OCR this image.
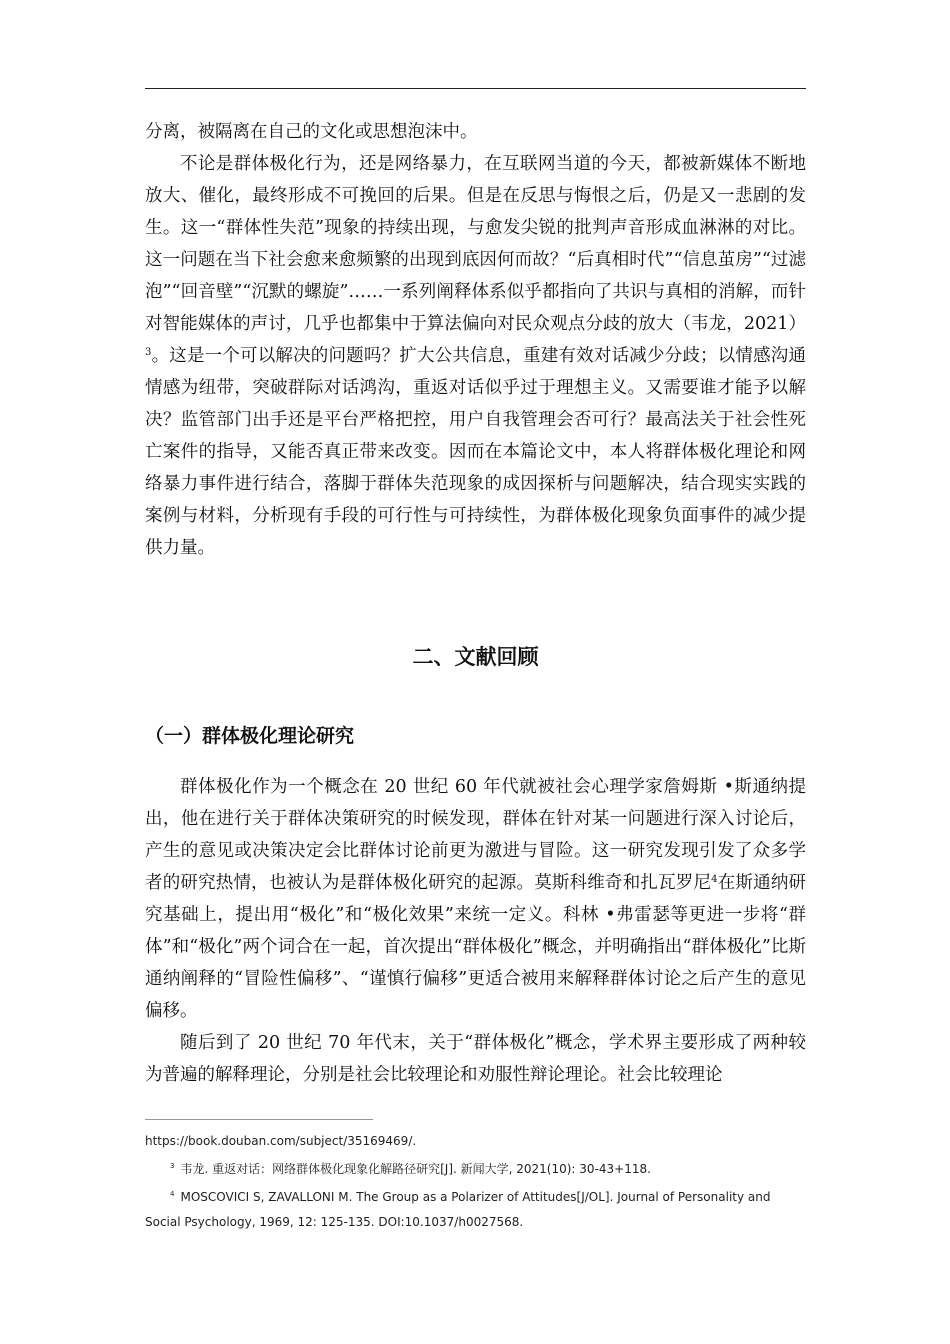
分离，被隔离在自己的文化或思想泡沫中。

不论是群体极化行为，还是网络暴力，在互联网当道的今天，都被新媒体不断地放大、催化，最终形成不可挽回的后果。但是在反思与悔恨之后，仍是又一悲剧的发生。这一“群体性失范”现象的持续出现，与愈发尖锐的批判声音形成血淋淋的对比。这一问题在当下社会愈来愈频繁的出现到底因何而故？“后真相时代”“信息茧房”“过滤泡”“回音壁”“沉默的螺旋”……一系列阐释体系似乎都指向了共识与真相的消解，而针对智能媒体的声讨，几乎也都集中于算法偏向对民众观点分歧的放大（韦龙，2021）$^3$。这是一个可以解决的问题吗？扩大公共信息，重建有效对话减少分歧；以情感沟通情感为纽带，突破群际对话鸿沟，重返对话似乎过于理想主义。又需要谁才能予以解决？监管部门出手还是平台严格把控，用户自我管理会否可行？最高法关于社会性死亡案件的指导，又能否真正带来改变。因而在本篇论文中，本人将群体极化理论和网络暴力事件进行结合，落脚于群体失范现象的成因探析与问题解决，结合现实实践的案例与材料，分析现有手段的可行性与可持续性，为群体极化现象负面事件的减少提供力量。

二、文献回顾
（一）群体极化理论研究

群体极化作为一个概念在 20 世纪 60 年代就被社会心理学家詹姆斯 •斯通纳提出，他在进行关于群体决策研究的时候发现，群体在针对某一问题进行深入讨论后，产生的意见或决策决定会比群体讨论前更为激进与冒险。这一研究发现引发了众多学者的研究热情，也被认为是群体极化研究的起源。莫斯科维奇和扎瓦罗尼$^4$在斯通纳研究基础上，提出用“极化”和“极化效果”来统一定义。科林 •弗雷瑟等更进一步将“群体”和“极化”两个词合在一起，首次提出“群体极化”概念，并明确指出“群体极化”比斯通纳阐释的“冒险性偏移”、“谨慎行偏移”更适合被用来解释群体讨论之后产生的意见偏移。

随后到了 20 世纪 70 年代末，关于“群体极化”概念，学术界主要形成了两种较为普遍的解释理论，分别是社会比较理论和劝服性辩论理论。社会比较理论

https://book.douban.com/subject/35169469/.

$^3$ 韦龙. 重返对话：网络群体极化现象化解路径研究[J]. 新闻大学, 2021(10): 30-43+118.

$^4$ MOSCOVICI S, ZAVALLONI M. The Group as a Polarizer of Attitudes[J/OL]. Journal of Personality and Social Psychology, 1969, 12: 125-135. DOI:10.1037/h0027568.
